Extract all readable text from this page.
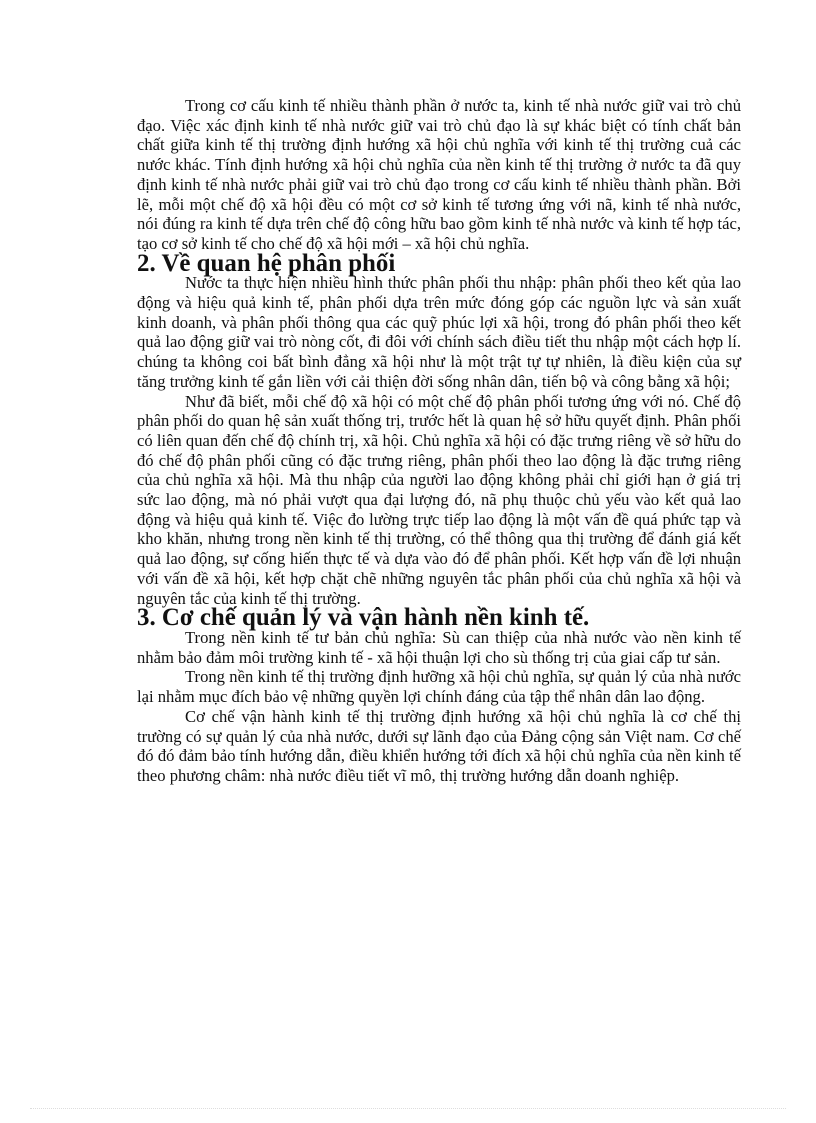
Trong cơ cấu kinh tế nhiều thành phần ở nước ta, kinh tế nhà nước giữ vai trò chủ đạo. Việc xác định kinh tế nhà nước giữ vai trò chủ đạo là sự khác biệt có tính chất bản chất giữa kinh tế thị trường định hướng xã hội chủ nghĩa với kinh tế thị trường cuả các nước khác. Tính định hướng xã hội chủ nghĩa của nền kinh tế thị trường ở nước ta đã quy định kinh tế nhà nước phải giữ vai trò chủ đạo trong cơ cấu kinh tế nhiều thành phần. Bởi lẽ, mỗi một chế độ xã hội đều có một cơ sở kinh tế tương ứng với nã, kinh tế nhà nước, nói đúng ra kinh tế dựa trên chế độ công hữu bao gồm kinh tế nhà nước và kinh tế hợp tác, tạo cơ sở kinh tế cho chế độ xã hội mới – xã hội chủ nghĩa.

2. Về quan hệ phân phối

Nước ta thực hiện nhiều hình thức phân phối thu nhập: phân phối theo kết qủa lao động và hiệu quả kinh tế, phân phối dựa trên mức đóng góp các nguồn lực và sản xuất kinh doanh, và phân phối thông qua các quỹ phúc lợi xã hội, trong đó phân phối theo kết quả lao động giữ vai trò nòng cốt, đi đôi với chính sách điều tiết thu nhập một cách hợp lí. chúng ta không coi bất bình đẳng xã hội như là một trật tự tự nhiên, là điều kiện của sự tăng trưởng kinh tế gắn liền với cải thiện đời sống nhân dân, tiến bộ và công bằng xã hội;

Như đã biết, mỗi chế độ xã hội có một chế độ phân phối tương ứng với nó. Chế độ phân phối do quan hệ sản xuất thống trị, trước hết là quan hệ sở hữu quyết định. Phân phối có liên quan đến chế độ chính trị, xã hội. Chủ nghĩa xã hội có đặc trưng riêng về sở hữu do đó chế độ phân phối cũng có đặc trưng riêng, phân phối theo lao động là đặc trưng riêng của chủ nghĩa xã hội. Mà thu nhập của người lao động không phải chỉ giới hạn ở giá trị sức lao động, mà nó phải vượt qua đại lượng đó, nã phụ thuộc chủ yếu vào kết quả lao động và hiệu quả kinh tế. Việc đo lường trực tiếp lao động là một vấn đề quá phức tạp và kho khăn, nhưng trong nền kinh tế thị trường, có thể thông qua thị trường để đánh giá kết quả lao động, sự cống hiến thực tế và dựa vào đó để phân phối. Kết hợp vấn đề lợi nhuận với vấn đề xã hội, kết hợp chặt chẽ những nguyên tắc phân phối của chủ nghĩa xã hội và nguyên tắc của kinh tế thị trường.

3. Cơ chế quản lý và vận hành nền kinh tế.

Trong nền kinh tế tư bản chủ nghĩa: Sù can thiệp của nhà nước vào nền kinh tế nhằm bảo đảm môi trường kinh tế - xã hội thuận lợi cho sù thống trị của giai cấp tư sản.

Trong nền kinh tế thị trường định hưỡng xã hội chủ nghĩa, sự quản lý của nhà nước lại nhằm mục đích bảo vệ những quyền lợi chính đáng của tập thể nhân dân lao động.

Cơ chế vận hành kinh tế thị trường định hướng xã hội chủ nghĩa là cơ chế thị trường có sự quản lý của nhà nước, dưới sự lãnh đạo của Đảng cộng sản Việt nam. Cơ chế đó đó đảm bảo tính hướng dẫn, điều khiển hướng tới đích xã hội chủ nghĩa của nền kinh tế theo phương châm: nhà nước điều tiết vĩ mô, thị trường hướng dẫn doanh nghiệp.
